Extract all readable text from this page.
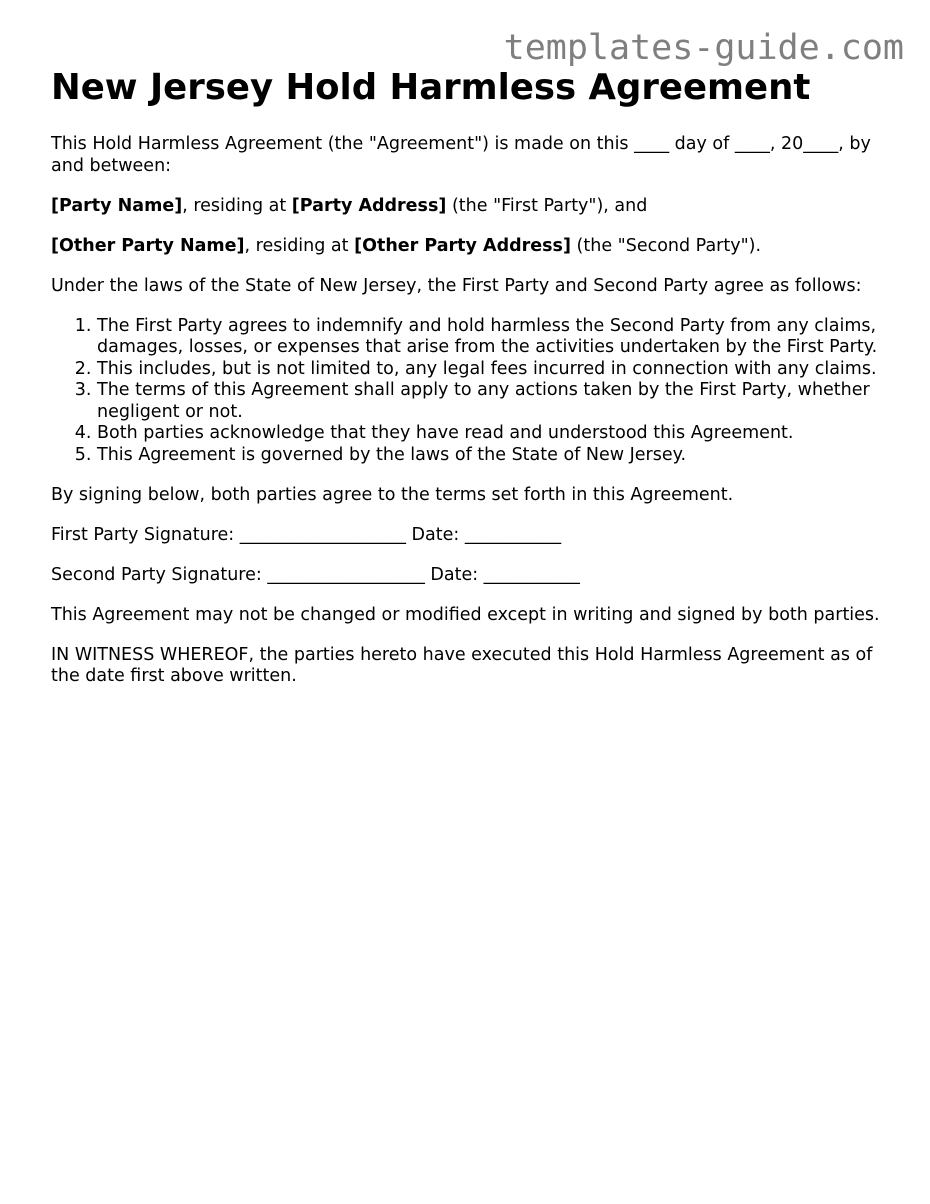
templates-guide.com
New Jersey Hold Harmless Agreement

This Hold Harmless Agreement (the "Agreement") is made on this ____ day of ____, 20____, by and between:

[Party Name], residing at [Party Address] (the "First Party"), and

[Other Party Name], residing at [Other Party Address] (the "Second Party").

Under the laws of the State of New Jersey, the First Party and Second Party agree as follows:

1. The First Party agrees to indemnify and hold harmless the Second Party from any claims, damages, losses, or expenses that arise from the activities undertaken by the First Party.
2. This includes, but is not limited to, any legal fees incurred in connection with any claims.
3. The terms of this Agreement shall apply to any actions taken by the First Party, whether negligent or not.
4. Both parties acknowledge that they have read and understood this Agreement.
5. This Agreement is governed by the laws of the State of New Jersey.

By signing below, both parties agree to the terms set forth in this Agreement.

First Party Signature: ___________________ Date: ___________

Second Party Signature: __________________ Date: ___________

This Agreement may not be changed or modified except in writing and signed by both parties.

IN WITNESS WHEREOF, the parties hereto have executed this Hold Harmless Agreement as of the date first above written.
